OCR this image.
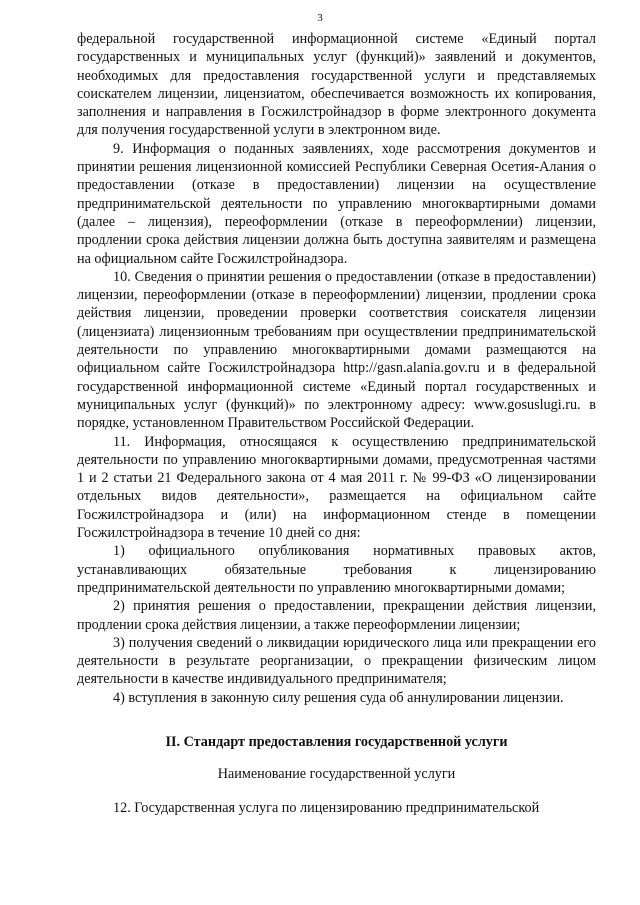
3

федеральной государственной информационной системе «Единый портал государственных и муниципальных услуг (функций)» заявлений и документов, необходимых для предоставления государственной услуги и представляемых соискателем лицензии, лицензиатом, обеспечивается возможность их копирования, заполнения и направления в Госжилстройнадзор в форме электронного документа для получения государственной услуги в электронном виде.

9. Информация о поданных заявлениях, ходе рассмотрения документов и принятии решения лицензионной комиссией Республики Северная Осетия-Алания о предоставлении (отказе в предоставлении) лицензии на осуществление предпринимательской деятельности по управлению многоквартирными домами (далее – лицензия), переоформлении (отказе в переоформлении) лицензии, продлении срока действия лицензии должна быть доступна заявителям и размещена на официальном сайте Госжилстройнадзора.

10. Сведения о принятии решения о предоставлении (отказе в предоставлении) лицензии, переоформлении (отказе в переоформлении) лицензии, продлении срока действия лицензии, проведении проверки соответствия соискателя лицензии (лицензиата) лицензионным требованиям при осуществлении предпринимательской деятельности по управлению многоквартирными домами размещаются на официальном сайте Госжилстройнадзора http://gasn.alania.gov.ru и в федеральной государственной информационной системе «Единый портал государственных и муниципальных услуг (функций)» по электронному адресу: www.gosuslugi.ru. в порядке, установленном Правительством Российской Федерации.

11. Информация, относящаяся к осуществлению предпринимательской деятельности по управлению многоквартирными домами, предусмотренная частями 1 и 2 статьи 21 Федерального закона от 4 мая 2011 г. № 99-ФЗ «О лицензировании отдельных видов деятельности», размещается на официальном сайте Госжилстройнадзора и (или) на информационном стенде в помещении Госжилстройнадзора в течение 10 дней со дня:

1) официального опубликования нормативных правовых актов, устанавливающих обязательные требования к лицензированию предпринимательской деятельности по управлению многоквартирными домами;

2) принятия решения о предоставлении, прекращении действия лицензии, продлении срока действия лицензии, а также переоформлении лицензии;

3) получения сведений о ликвидации юридического лица или прекращении его деятельности в результате реорганизации, о прекращении физическим лицом деятельности в качестве индивидуального предпринимателя;

4) вступления в законную силу решения суда об аннулировании лицензии.

II. Стандарт предоставления государственной услуги

Наименование государственной услуги

12. Государственная услуга по лицензированию предпринимательской
